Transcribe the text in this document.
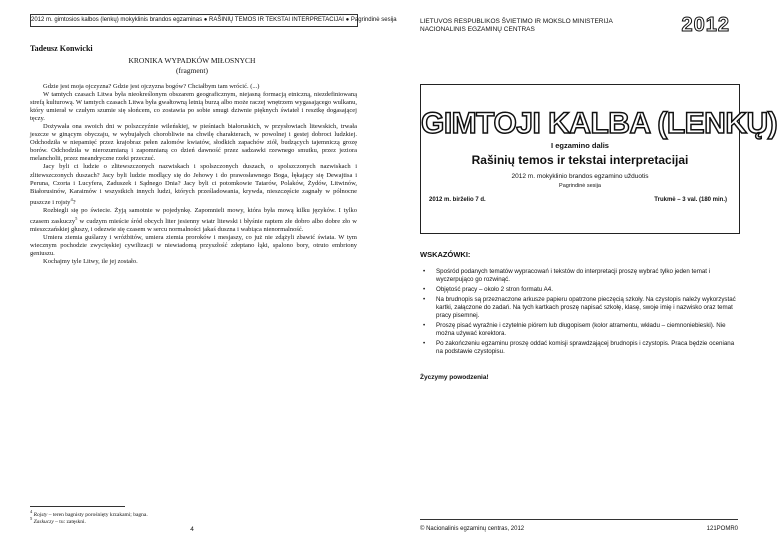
2012 m. gimtosios kalbos (lenkų) mokyklinis brandos egzaminas ● RAŠINIŲ TEMOS IR TEKSTAI INTERPRETACIJAI ● Pagrindinė sesija
Tadeusz Konwicki
KRONIKA WYPADKÓW MIŁOSNYCH
(fragment)

Gdzie jest moja ojczyzna? Gdzie jest ojczyzna bogów? Chciałbym tam wrócić. (...)

W tamtych czasach Litwa była nieokreślonym obszarem geograficznym, niejasną formacją etniczną, niezdefiniowaną strefą kulturową. W tamtych czasach Litwa była gwałtowną letnią burzą albo może raczej wnętrzem wygasającego wulkanu, który umierał w czułym szumie się słońcem, co zostawia po sobie smugi dziwnie pięknych świateł i resztkę dogasającej tęczy.

Dożywała ona swoich dni w polszczyźnie wileńskiej, w pieśniach białoruskich, w przysłowiach litewskich, trwała jeszcze w ginącym obyczaju, w wybujałych chorobliwie na chwilę charakterach, w powolnej i gestej dobroci ludzkiej. Odchodziła w niepamięć przez krajobraz pełen zalomów kwiatów, słodkich zapachów ziół, budzących tajemniczą grozę borów. Odchodziła w nierozumianą i zapomnianą co dzień dawność przez sadzawki rzewnego smutku, przez jeziora melancholii, przez meandryczne rzeki przeczuć.

Jacy byli ci ludzie o zlitewszczonych nazwiskach i spolszczonych duszach, o spolszczonych nazwiskach i zlitewszczonych duszach? Jacy byli ludzie modlący się do Jehowy i do prawosławnego Boga, łękający się Dewajtisa i Peruna, Czorta i Lucyfera, Zaduszek i Sądnego Dnia? Jacy byli ci potomkowie Tatarów, Polaków, Żydów, Litwinów, Białorusinów, Karaimów i wszystkich innych ludzi, których prześladowania, krywda, nieszczęście zagnały w północne puszcze i rojsty$^4$?

Rozbiegli się po świecie. Żyją samotnie w pojedynkę. Zapomnieli mowy, która była mową kilku języków. I tylko czasem zaskuczy$^5$ w cudzym mieście śród obcych liter jesienny wiatr litewski i błyśnie raptem złe dobro albo dobre zło w mieszczańskiej głuszy, i odezwie się czasem w sercu normalności jakaś duszna i wabiąca nienormalność.

Umiera ziemia guślarzy i wróżbitów, umiera ziemia proroków i mesjaszy, co już nie zdążyli zbawić świata. W tym wiecznym pochodzie zwycięskiej cywilizacji w niewiadomą przyszłość zdeptano łąki, spalono bory, otruto embriony geniuszu.

Kochajmy tyle Litwy, ile jej zostało.

$^4$ Rojsty – teren bagnisty porośnięty krzakami; bagna.
$^5$ Zaskuczy – tu: zatęskni.
4
LIETUVOS RESPUBLIKOS ŠVIETIMO IR MOKSLO MINISTERIJA
NACIONALINIS EGZAMINŲ CENTRAS	2012
GIMTOJI KALBA (LENKŲ)
I egzamino dalis
Rašinių temos ir tekstai interpretacijai
2012 m. mokyklinio brandos egzamino užduotis
Pagrindinė sesija
2012 m. birželio 7 d.	Trukmė – 3 val. (180 min.)
WSKAZÓWKI:
• Spośród podanych tematów wypracowań i tekstów do interpretacji proszę wybrać tylko jeden temat i wyczerpująco go rozwinąć.
• Objętość pracy – około 2 stron formatu A4.
• Na brudnopis są przeznaczone arkusze papieru opatrzone pieczęcią szkoły. Na czystopis należy wykorzystać kartki, załączone do zadań. Na tych kartkach proszę napisać szkołę, klasę, swoje imię i nazwisko oraz temat pracy pisemnej.
• Proszę pisać wyraźnie i czytelnie piórem lub długopisem (kolor atramentu, wkładu – ciemnoniebieski). Nie można używać korektora.
• Po zakończeniu egzaminu proszę oddać komisji sprawdzającej brudnopis i czystopis. Praca będzie oceniana na podstawie czystopisu.
Życzymy powodzenia!
© Nacionalinis egzaminų centras, 2012	121POMR0
